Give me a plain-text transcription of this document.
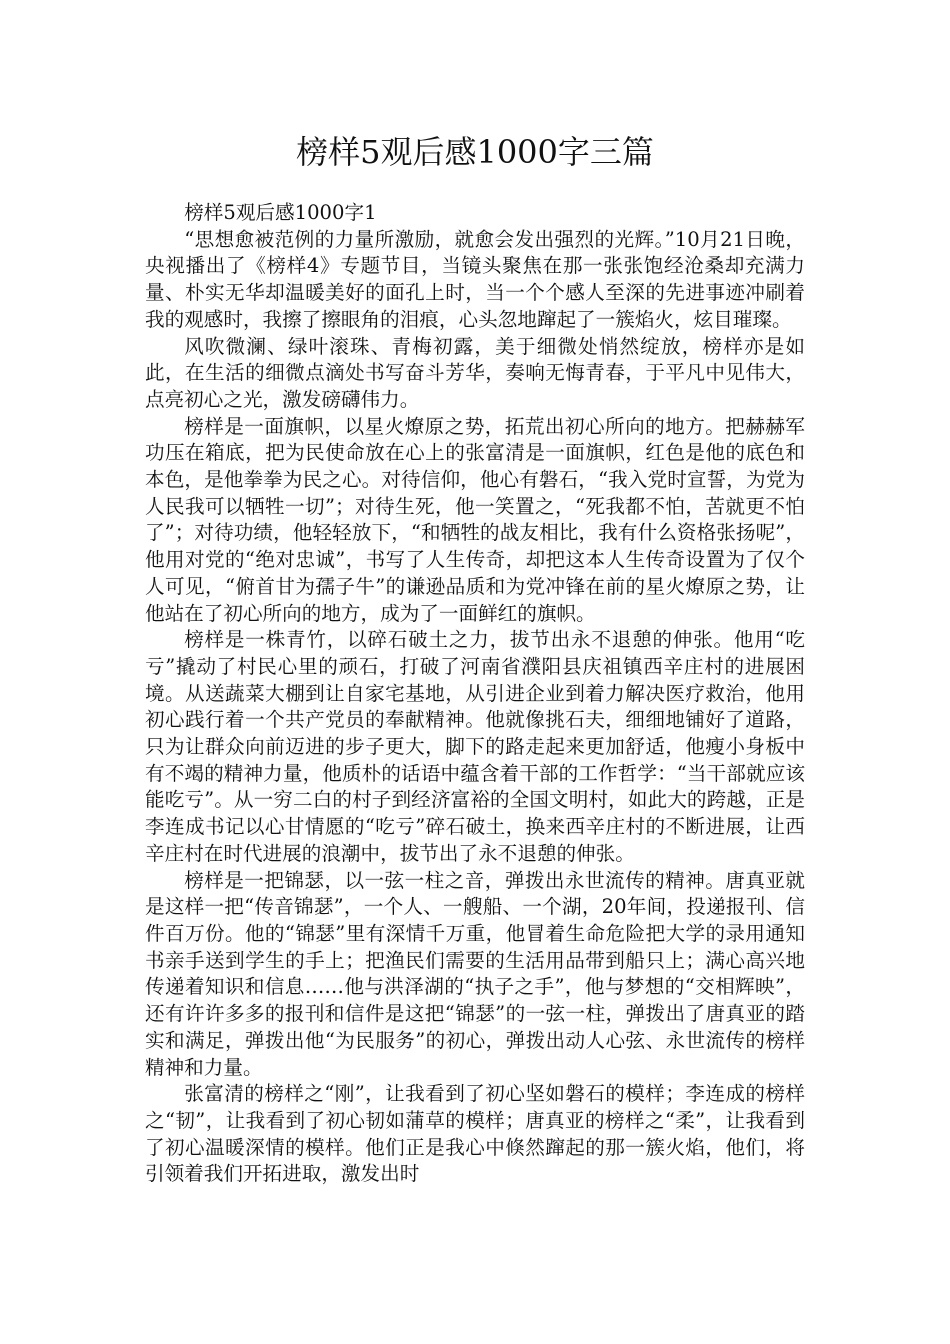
榜样5观后感1000字三篇

榜样5观后感1000字1

“思想愈被范例的力量所激励，就愈会发出强烈的光辉。”10月21日晚，央视播出了《榜样4》专题节目，当镜头聚焦在那一张张饱经沧桑却充满力量、朴实无华却温暖美好的面孔上时，当一个个感人至深的先进事迹冲刷着我的观感时，我擦了擦眼角的泪痕，心头忽地蹿起了一簇焰火，炫目璀璨。

风吹微澜、绿叶滚珠、青梅初露，美于细微处悄然绽放，榜样亦是如此，在生活的细微点滴处书写奋斗芳华，奏响无悔青春，于平凡中见伟大，点亮初心之光，激发磅礴伟力。

榜样是一面旗帜，以星火燎原之势，拓荒出初心所向的地方。把赫赫军功压在箱底，把为民使命放在心上的张富清是一面旗帜，红色是他的底色和本色，是他拳拳为民之心。对待信仰，他心有磐石，“我入党时宣誓，为党为人民我可以牺牲一切”；对待生死，他一笑置之，“死我都不怕，苦就更不怕了”；对待功绩，他轻轻放下，“和牺牲的战友相比，我有什么资格张扬呢”，他用对党的“绝对忠诚”，书写了人生传奇，却把这本人生传奇设置为了仅个人可见，“俯首甘为孺子牛”的谦逊品质和为党冲锋在前的星火燎原之势，让他站在了初心所向的地方，成为了一面鲜红的旗帜。

榜样是一株青竹，以碎石破土之力，拔节出永不退憩的伸张。他用“吃亏”撬动了村民心里的顽石，打破了河南省濮阳县庆祖镇西辛庄村的进展困境。从送蔬菜大棚到让自家宅基地，从引进企业到着力解决医疗救治，他用初心践行着一个共产党员的奉献精神。他就像挑石夫，细细地铺好了道路，只为让群众向前迈进的步子更大，脚下的路走起来更加舒适，他瘦小身板中有不竭的精神力量，他质朴的话语中蕴含着干部的工作哲学：“当干部就应该能吃亏”。从一穷二白的村子到经济富裕的全国文明村，如此大的跨越，正是李连成书记以心甘情愿的“吃亏”碎石破土，换来西辛庄村的不断进展，让西辛庄村在时代进展的浪潮中，拔节出了永不退憩的伸张。

榜样是一把锦瑟，以一弦一柱之音，弹拨出永世流传的精神。唐真亚就是这样一把“传音锦瑟”，一个人、一艘船、一个湖，20年间，投递报刊、信件百万份。他的“锦瑟”里有深情千万重，他冒着生命危险把大学的录用通知书亲手送到学生的手上；把渔民们需要的生活用品带到船只上；满心高兴地传递着知识和信息……他与洪泽湖的“执子之手”，他与梦想的“交相辉映”，还有许许多多的报刊和信件是这把“锦瑟”的一弦一柱，弹拨出了唐真亚的踏实和满足，弹拨出他“为民服务”的初心，弹拨出动人心弦、永世流传的榜样精神和力量。

张富清的榜样之“刚”，让我看到了初心坚如磐石的模样；李连成的榜样之“韧”，让我看到了初心韧如蒲草的模样；唐真亚的榜样之“柔”，让我看到了初心温暖深情的模样。他们正是我心中倏然蹿起的那一簇火焰，他们，将引领着我们开拓进取，激发出时
